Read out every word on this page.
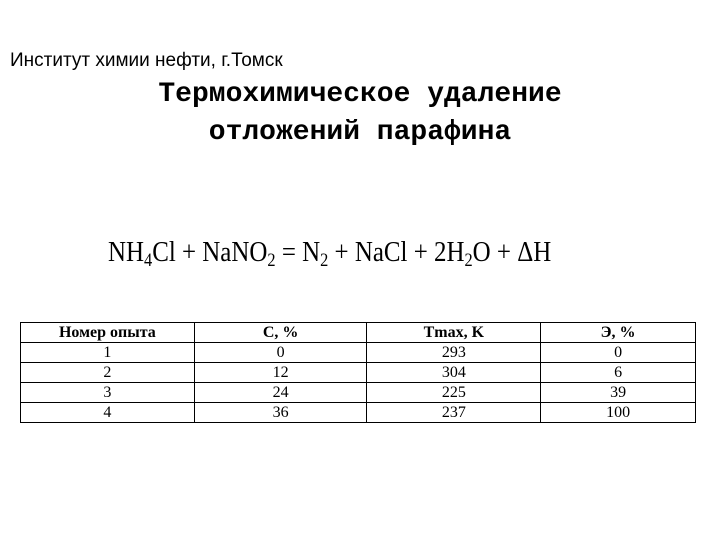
Институт химии нефти, г.Томск
Термохимическое удаление
отложений парафина
$NH_4Cl$ + NaNO$_2$ = $N_2$ + NaCl + $2H_2O + \Delta H$
Номер опыта	C, %	Tmax, K	Э, %
1	0	293	0
2	12	304	6
3	24	225	39
4	36	237	100
